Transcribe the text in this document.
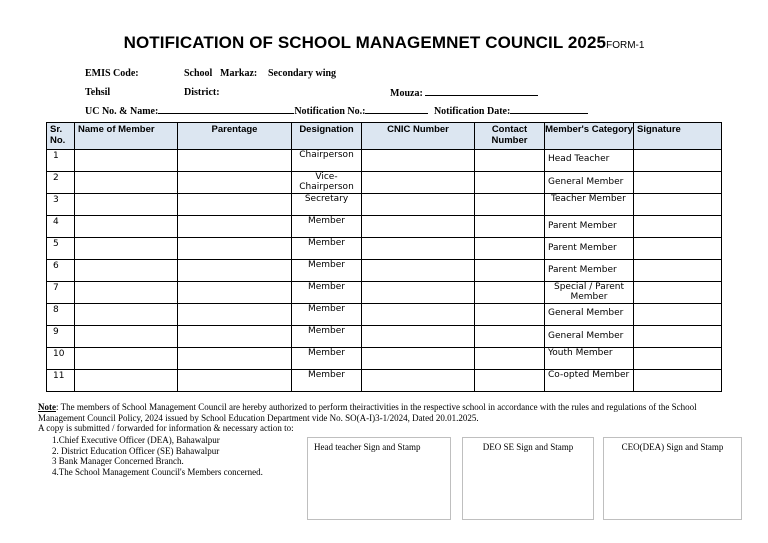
NOTIFICATION OF SCHOOL MANAGEMNET COUNCIL 2025FORM-1
EMIS Code:	School Markaz: Secondary wing
Tehsil	District:	Mouza:
UC No. & Name:	Notification No.:	Notification Date:
Sr. No.	Name of Member	Parentage	Designation	CNIC Number	Contact Number	Member's Category	Signature
1			Chairperson			Head Teacher	
2			Vice-Chairperson			General Member	
3			Secretary			Teacher Member	
4			Member			Parent Member	
5			Member			Parent Member	
6			Member			Parent Member	
7			Member			Special / Parent Member	
8			Member			General Member	
9			Member			General Member	
10			Member			Youth Member	
11			Member			Co-opted Member	
Note: The members of School Management Council are hereby authorized to perform theiractivities in the respective school in accordance with the rules and regulations of the School Management Council Policy, 2024 issued by School Education Department vide No. SO(A-I)3-1/2024, Dated 20.01.2025.
A copy is submitted / forwarded for information & necessary action to:
1.Chief Executive Officer (DEA), Bahawalpur
2. District Education Officer (SE) Bahawalpur
3 Bank Manager Concerned Branch.
4.The School Management Council's Members concerned.
Head teacher Sign and Stamp	DEO SE Sign and Stamp	CEO(DEA) Sign and Stamp
